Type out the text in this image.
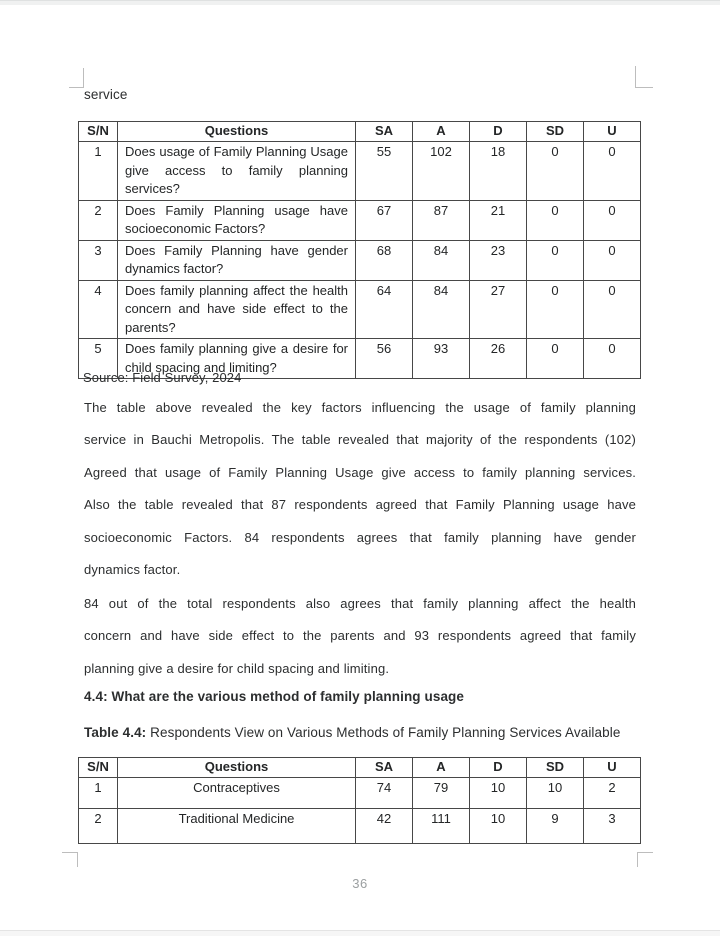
service
S/N	Questions	SA	A	D	SD	U
1	Does usage of Family Planning Usage give access to family planning services?	55	102	18	0	0
2	Does Family Planning usage have socioeconomic Factors?	67	87	21	0	0
3	Does Family Planning have gender dynamics factor?	68	84	23	0	0
4	Does family planning affect the health concern and have side effect to the parents?	64	84	27	0	0
5	Does family planning give a desire for child spacing and limiting?	56	93	26	0	0
Source: Field Survey, 2024
The table above revealed the key factors influencing the usage of family planning
service in Bauchi Metropolis. The table revealed that majority of the respondents (102)
Agreed that usage of Family Planning Usage give access to family planning services.
Also the table revealed that 87 respondents agreed that Family Planning usage have
socioeconomic Factors. 84 respondents agrees that family planning have gender
dynamics factor.
84 out of the total respondents also agrees that family planning affect the health
concern and have side effect to the parents and 93 respondents agreed that family
planning give a desire for child spacing and limiting.
4.4: What are the various method of family planning usage
Table 4.4: Respondents View on Various Methods of Family Planning Services Available
S/N	Questions	SA	A	D	SD	U
1	Contraceptives	74	79	10	10	2
2	Traditional Medicine	42	111	10	9	3
36
